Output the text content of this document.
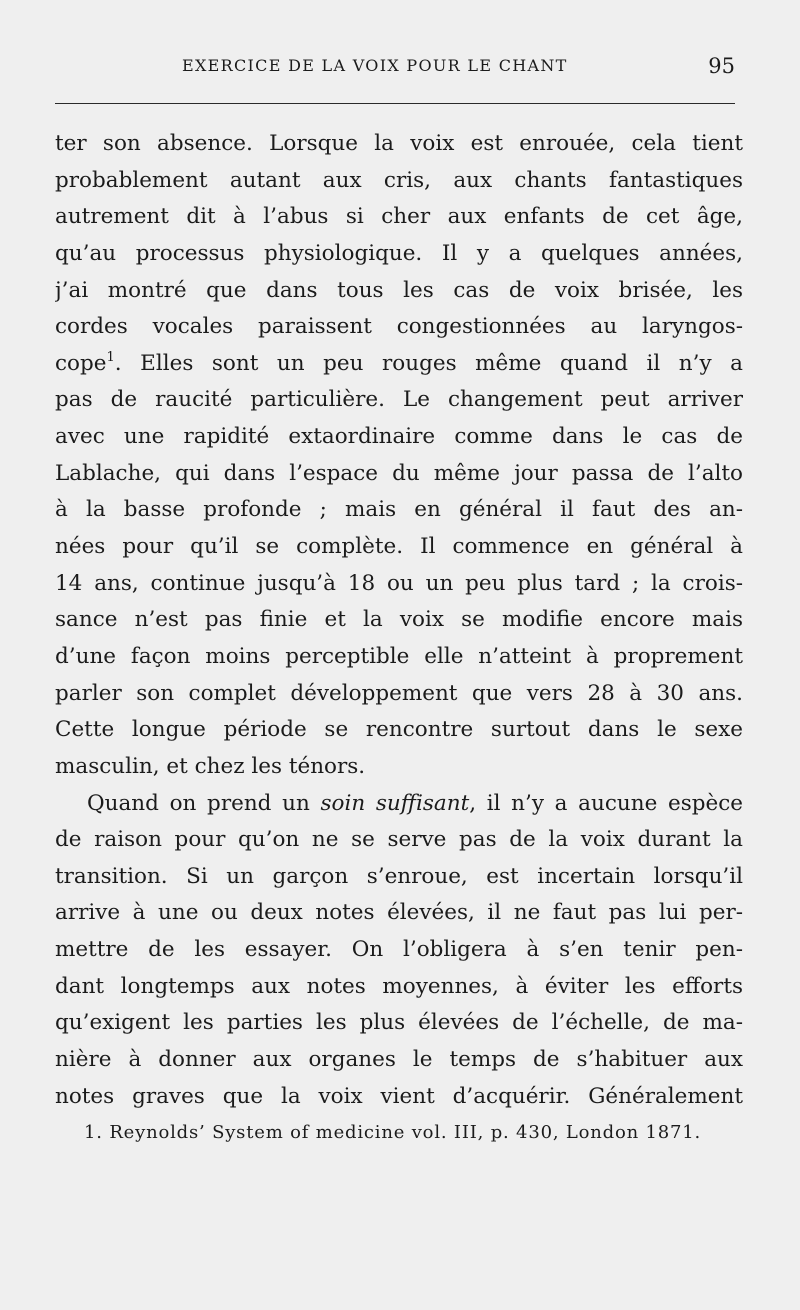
EXERCICE DE LA VOIX POUR LE CHANT	95
ter son absence. Lorsque la voix est enrouée, cela tient
probablement autant aux cris, aux chants fantastiques
autrement dit à l’abus si cher aux enfants de cet âge,
qu’au processus physiologique. Il y a quelques années,
j’ai montré que dans tous les cas de voix brisée, les
cordes vocales paraissent congestionnées au laryngos-
cope$^1$. Elles sont un peu rouges même quand il n’y a
pas de raucité particulière. Le changement peut arriver
avec une rapidité extaordinaire comme dans le cas de
Lablache, qui dans l’espace du même jour passa de l’alto
à la basse profonde ; mais en général il faut des an-
nées pour qu’il se complète. Il commence en général à
14 ans, continue jusqu’à 18 ou un peu plus tard ; la crois-
sance n’est pas finie et la voix se modifie encore mais
d’une façon moins perceptible elle n’atteint à proprement
parler son complet développement que vers 28 à 30 ans.
Cette longue période se rencontre surtout dans le sexe
masculin, et chez les ténors.
Quand on prend un soin suffisant, il n’y a aucune espèce
de raison pour qu’on ne se serve pas de la voix durant la
transition. Si un garçon s’enroue, est incertain lorsqu’il
arrive à une ou deux notes élevées, il ne faut pas lui per-
mettre de les essayer. On l’obligera à s’en tenir pen-
dant longtemps aux notes moyennes, à éviter les efforts
qu’exigent les parties les plus élevées de l’échelle, de ma-
nière à donner aux organes le temps de s’habituer aux
notes graves que la voix vient d’acquérir. Généralement
1. Reynolds’ System of medicine vol. III, p. 430, London 1871.
